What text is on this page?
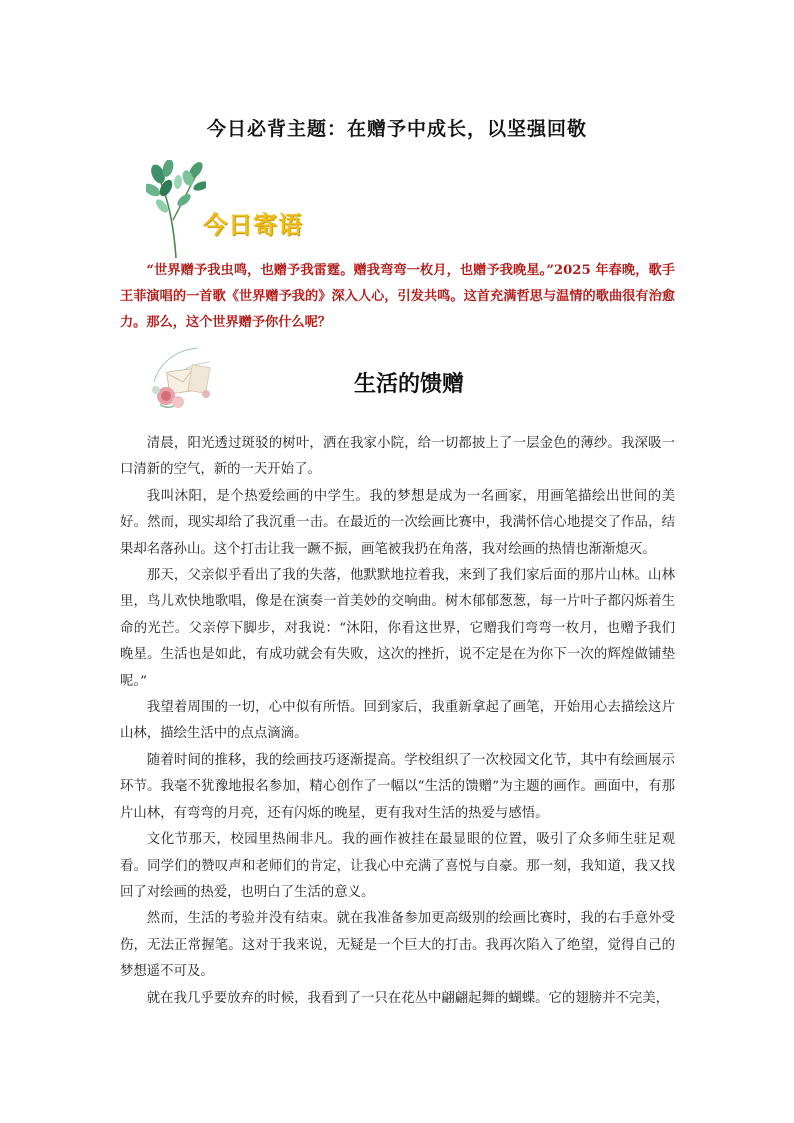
今日必背主题：在赠予中成长，以坚强回敬
今日寄语

“世界赠予我虫鸣，也赠予我雷霆。赠我弯弯一枚月，也赠予我晚星。”2025 年春晚，歌手王菲演唱的一首歌《世界赠予我的》深入人心，引发共鸣。这首充满哲思与温情的歌曲很有治愈力。那么，这个世界赠予你什么呢？

生活的馈赠

清晨，阳光透过斑驳的树叶，洒在我家小院，给一切都披上了一层金色的薄纱。我深吸一口清新的空气，新的一天开始了。

我叫沐阳，是个热爱绘画的中学生。我的梦想是成为一名画家，用画笔描绘出世间的美好。然而，现实却给了我沉重一击。在最近的一次绘画比赛中，我满怀信心地提交了作品，结果却名落孙山。这个打击让我一蹶不振，画笔被我扔在角落，我对绘画的热情也渐渐熄灭。

那天，父亲似乎看出了我的失落，他默默地拉着我，来到了我们家后面的那片山林。山林里，鸟儿欢快地歌唱，像是在演奏一首美妙的交响曲。树木郁郁葱葱，每一片叶子都闪烁着生命的光芒。父亲停下脚步，对我说：“沐阳，你看这世界，它赠我们弯弯一枚月，也赠予我们晚星。生活也是如此，有成功就会有失败，这次的挫折，说不定是在为你下一次的辉煌做铺垫呢。”

我望着周围的一切，心中似有所悟。回到家后，我重新拿起了画笔，开始用心去描绘这片山林，描绘生活中的点点滴滴。

随着时间的推移，我的绘画技巧逐渐提高。学校组织了一次校园文化节，其中有绘画展示环节。我毫不犹豫地报名参加，精心创作了一幅以“生活的馈赠”为主题的画作。画面中，有那片山林，有弯弯的月亮，还有闪烁的晚星，更有我对生活的热爱与感悟。

文化节那天，校园里热闹非凡。我的画作被挂在最显眼的位置，吸引了众多师生驻足观看。同学们的赞叹声和老师们的肯定，让我心中充满了喜悦与自豪。那一刻，我知道，我又找回了对绘画的热爱，也明白了生活的意义。

然而，生活的考验并没有结束。就在我准备参加更高级别的绘画比赛时，我的右手意外受伤，无法正常握笔。这对于我来说，无疑是一个巨大的打击。我再次陷入了绝望，觉得自己的梦想遥不可及。

就在我几乎要放弃的时候，我看到了一只在花丛中翩翩起舞的蝴蝶。它的翅膀并不完美，
